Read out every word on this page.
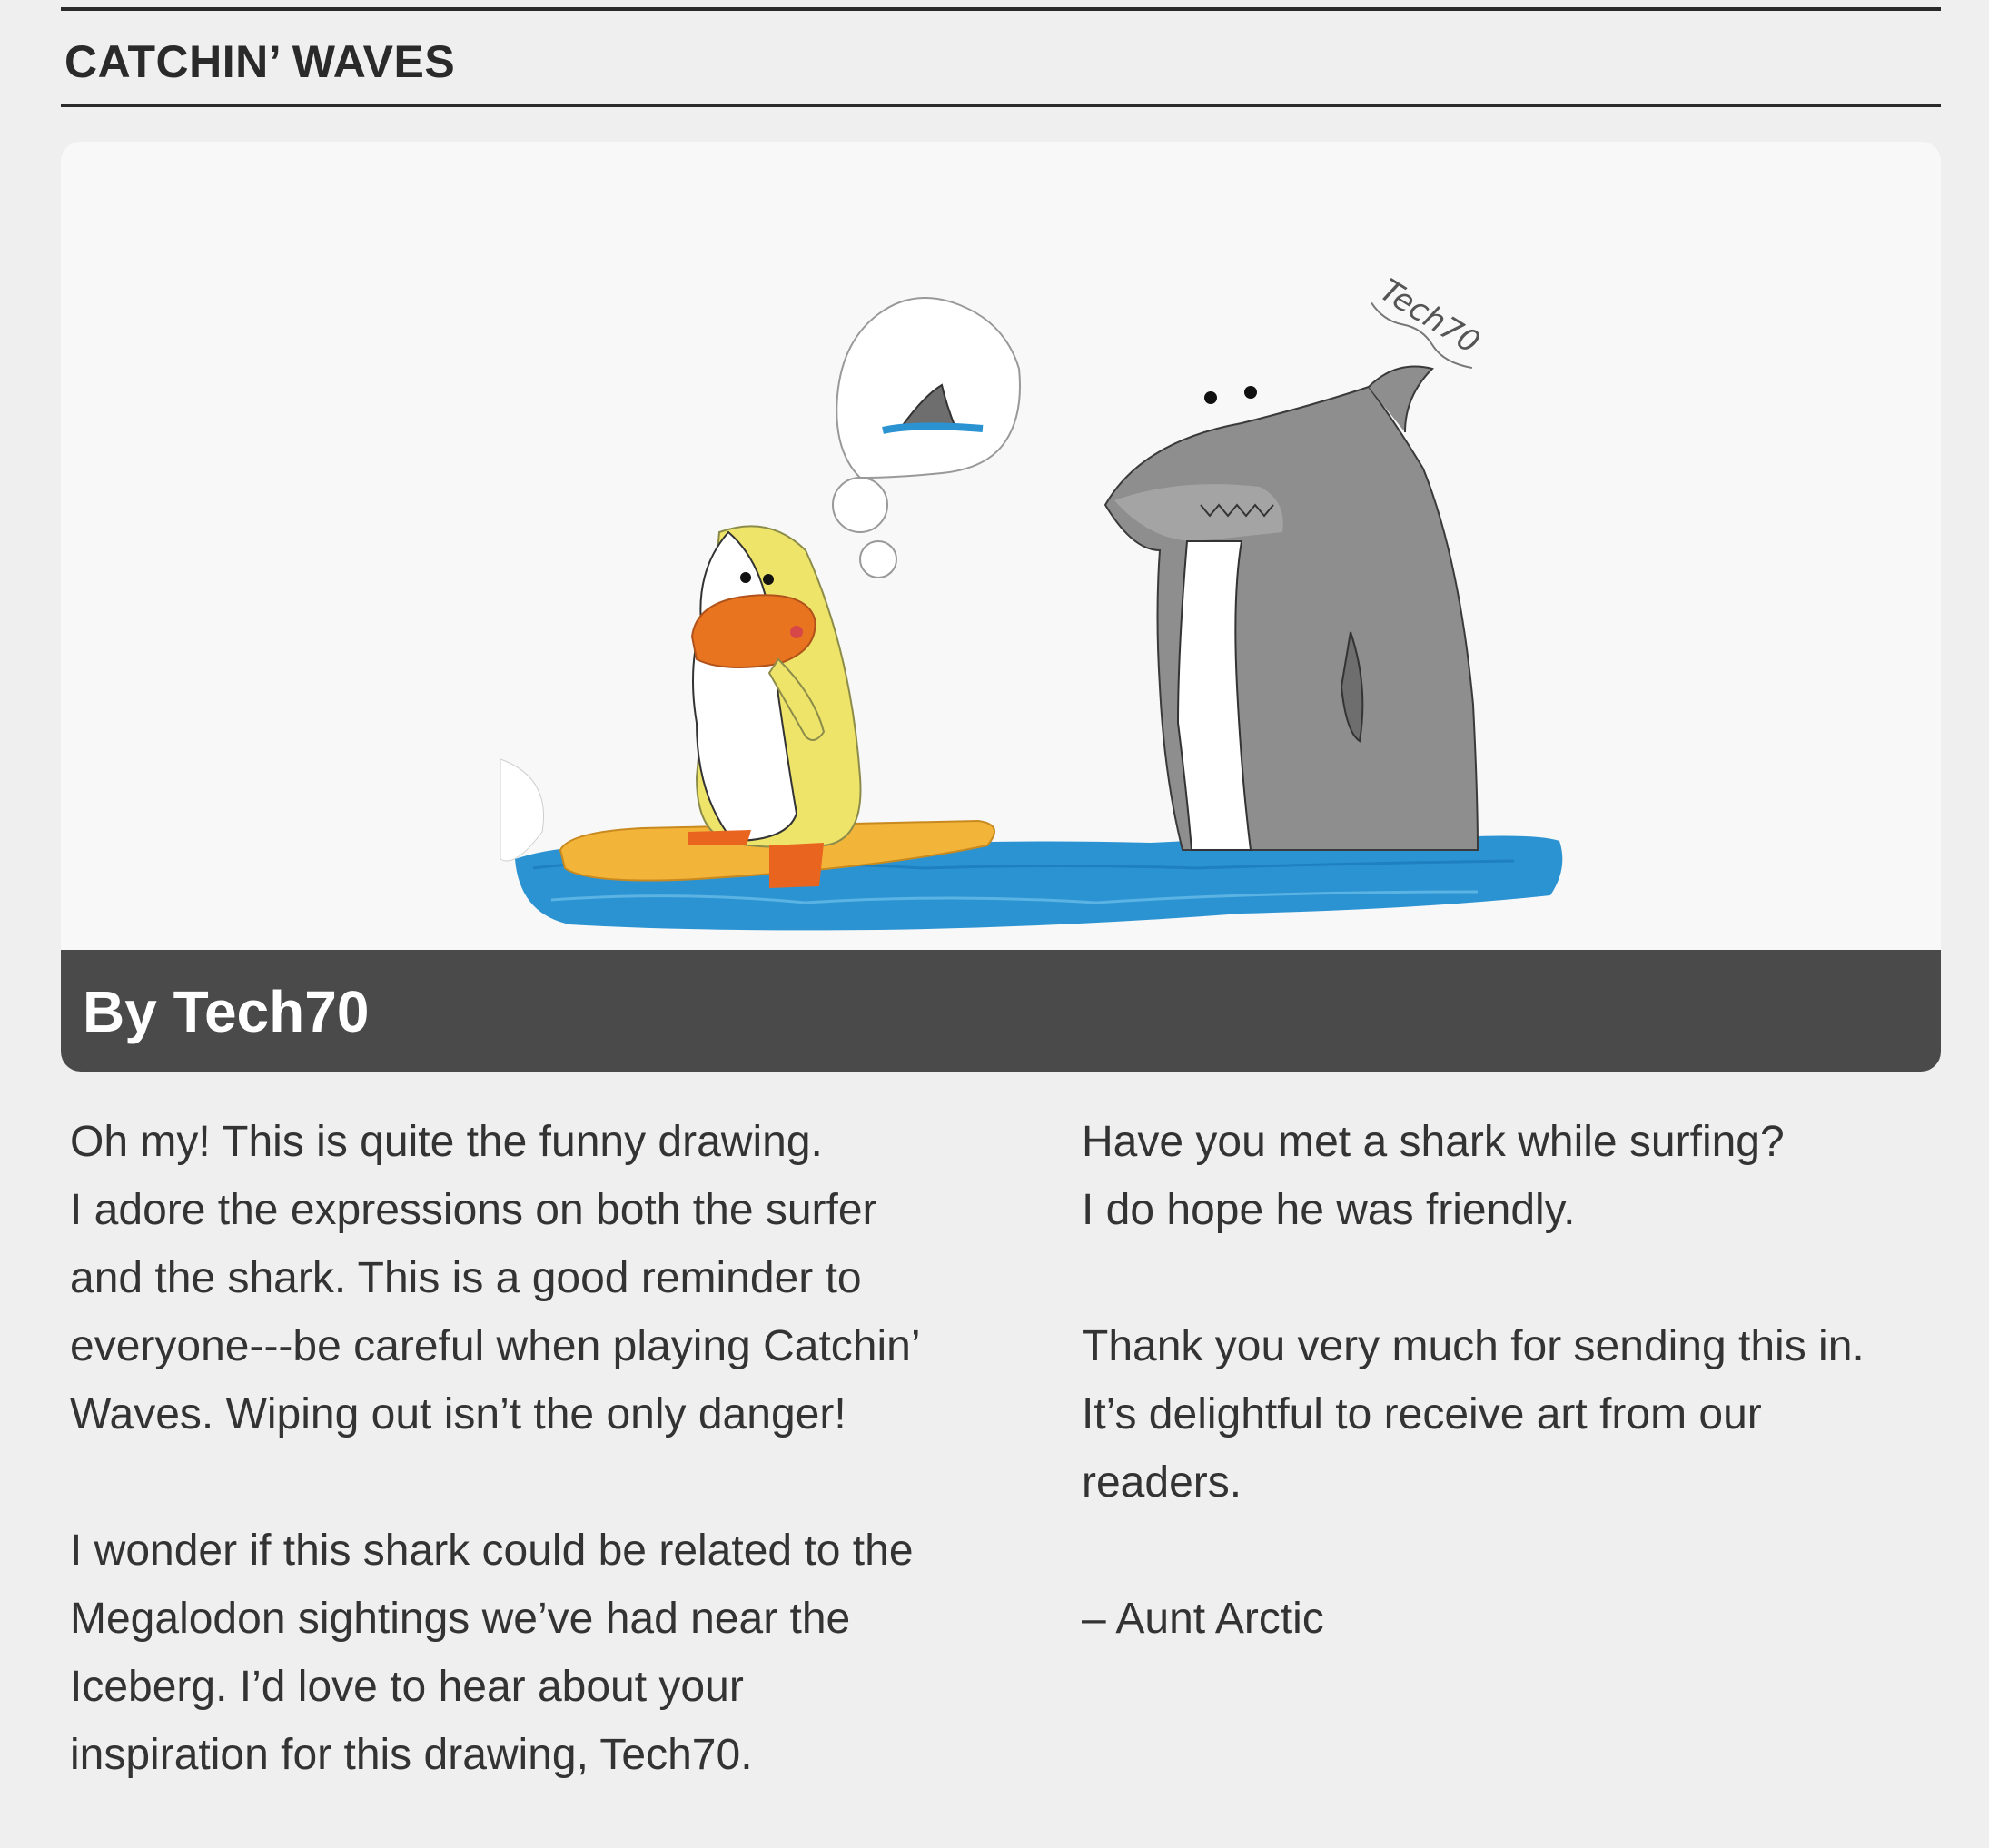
CATCHIN’ WAVES
Tech70

By Tech70

Oh my! This is quite the funny drawing.

I adore the expressions on both the surfer

and the shark. This is a good reminder to

everyone---be careful when playing Catchin’

Waves. Wiping out isn’t the only danger!

I wonder if this shark could be related to the

Megalodon sightings we’ve had near the

Iceberg. I’d love to hear about your

inspiration for this drawing, Tech70.

Have you met a shark while surfing?

I do hope he was friendly.

Thank you very much for sending this in.

It’s delightful to receive art from our

readers.

– Aunt Arctic
